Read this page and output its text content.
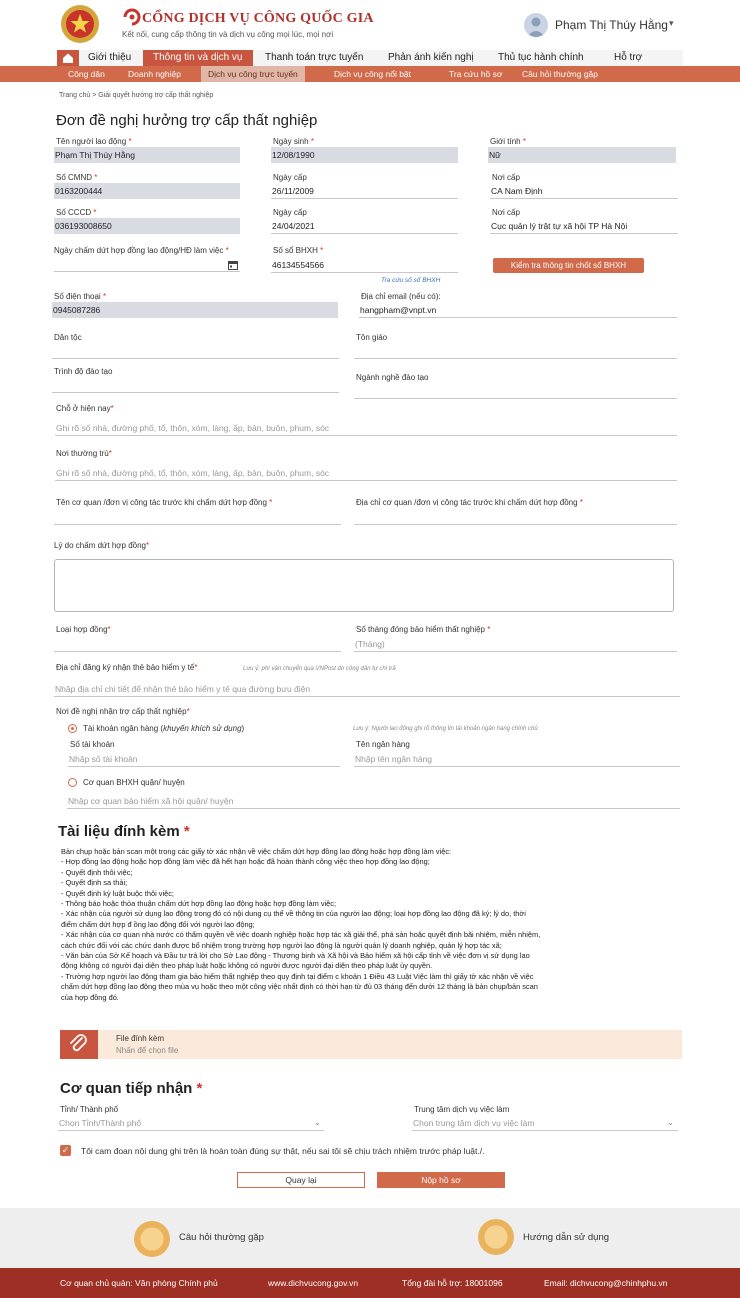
CỔNG DỊCH VỤ CÔNG QUỐC GIA
Kết nối, cung cấp thông tin và dịch vụ công mọi lúc, mọi nơi
Phạm Thị Thúy Hằng ▾
Giới thiệu	Thông tin và dịch vụ	Thanh toán trực tuyến Phản ánh kiến nghị Thủ tục hành chính	Hỗ trợ
Công dân	Doanh nghiệp	Dịch vụ công trực tuyến	Dịch vụ công nổi bật	Tra cứu hồ sơ Câu hỏi thường gặp
Trang chủ > Giải quyết hưởng trợ cấp thất nghiệp
Đơn đề nghị hưởng trợ cấp thất nghiệp
Tên người lao động *
Phạm Thị Thúy Hằng
Ngày sinh *
12/08/1990
Giới tính *
Nữ
Số CMND *
0163200444
Ngày cấp
26/11/2009
Nơi cấp
CA Nam Định
Số CCCD *
036193008650
Ngày cấp
24/04/2021
Nơi cấp
Cục quản lý trật tự xã hội TP Hà Nội
Ngày chấm dứt hợp đồng lao động/HĐ làm việc *	Số sổ BHXH *
46134554566
Tra cứu số sổ BHXH
Kiểm tra thông tin chốt sổ BHXH
Số điện thoại *
0945087286
Địa chỉ email (nếu có):
hangpham@vnpt.vn
Dân tộc	Tôn giáo
Trình độ đào tạo
Ngành nghề đào tạo
Chỗ ở hiện nay*
Ghi rõ số nhà, đường phố, tổ, thôn, xóm, làng, ấp, bản, buôn, phum, sóc
Nơi thường trú*
Ghi rõ số nhà, đường phố, tổ, thôn, xóm, làng, ấp, bản, buôn, phum, sóc
Tên cơ quan /đơn vị công tác trước khi chấm dứt hợp đồng *	Địa chỉ cơ quan /đơn vị công tác trước khi chấm dứt hợp đồng *
Lý do chấm dứt hợp đồng*
Loại hợp đồng*	Số tháng đóng bảo hiểm thất nghiệp *
(Tháng)
Địa chỉ đăng ký nhận thẻ bảo hiểm y tế*	Lưu ý: phí vận chuyển qua VNPost do công dân tự chi trả
Nhập địa chỉ chi tiết để nhận thẻ bảo hiểm y tế qua đường bưu điện
Nơi đề nghị nhận trợ cấp thất nghiệp*
Tài khoản ngân hàng (khuyến khích sử dụng)	Lưu ý: Người lao động ghi rõ thông tin tài khoản ngân hàng chính chủ
Số tài khoản
Nhập số tài khoản
Tên ngân hàng
Nhập tên ngân hàng
Cơ quan BHXH quận/ huyện
Nhập cơ quan bảo hiểm xã hội quận/ huyện
Tài liệu đính kèm *
Bản chụp hoặc bản scan một trong các giấy tờ xác nhận về việc chấm dứt hợp đồng lao động hoặc hợp đồng làm việc:
- Hợp đồng lao động hoặc hợp đồng làm việc đã hết hạn hoặc đã hoàn thành công việc theo hợp đồng lao động;
- Quyết định thôi việc;
- Quyết định sa thải;
- Quyết định kỷ luật buộc thôi việc;
- Thông báo hoặc thỏa thuận chấm dứt hợp đồng lao động hoặc hợp đồng làm việc;
- Xác nhận của người sử dụng lao động trong đó có nội dung cụ thể về thông tin của người lao động; loại hợp đồng lao động đã ký; lý do, thời
điểm chấm dứt hợp đ ồng lao động đối với người lao động;
- Xác nhận của cơ quan nhà nước có thẩm quyền về việc doanh nghiệp hoặc hợp tác xã giải thể, phá sản hoặc quyết định bãi nhiệm, miễn nhiệm,
cách chức đối với các chức danh được bổ nhiệm trong trường hợp người lao động là người quản lý doanh nghiệp, quản lý hợp tác xã;
- Văn bản của Sở Kế hoạch và Đầu tư trả lời cho Sở Lao động - Thương binh và Xã hội và Bảo hiểm xã hội cấp tỉnh về việc đơn vị sử dụng lao
động không có người đại diện theo pháp luật hoặc không có người được người đại diện theo pháp luật ủy quyền.
- Trường hợp người lao động tham gia bảo hiểm thất nghiệp theo quy định tại điểm c khoản 1 Điều 43 Luật Việc làm thì giấy tờ xác nhận về việc
chấm dứt hợp đồng lao động theo mùa vụ hoặc theo một công việc nhất định có thời hạn từ đủ 03 tháng đến dưới 12 tháng là bản chụp/bản scan
của hợp đồng đó.
File đính kèm
Nhấn để chọn file
Cơ quan tiếp nhận *
Tỉnh/ Thành phố
Chọn Tỉnh/Thành phố	⌄
Trung tâm dịch vụ việc làm
Chọn trung tâm dịch vụ việc làm	⌄
✓ Tôi cam đoan nội dung ghi trên là hoàn toàn đúng sự thật, nếu sai tôi sẽ chịu trách nhiệm trước pháp luật./.
Quay lại	Nộp hồ sơ
Câu hỏi thường gặp	Hướng dẫn sử dụng
Cơ quan chủ quản: Văn phòng Chính phủ	www.dichvucong.gov.vn	Tổng đài hỗ trợ: 18001096	Email: dichvucong@chinhphu.vn
